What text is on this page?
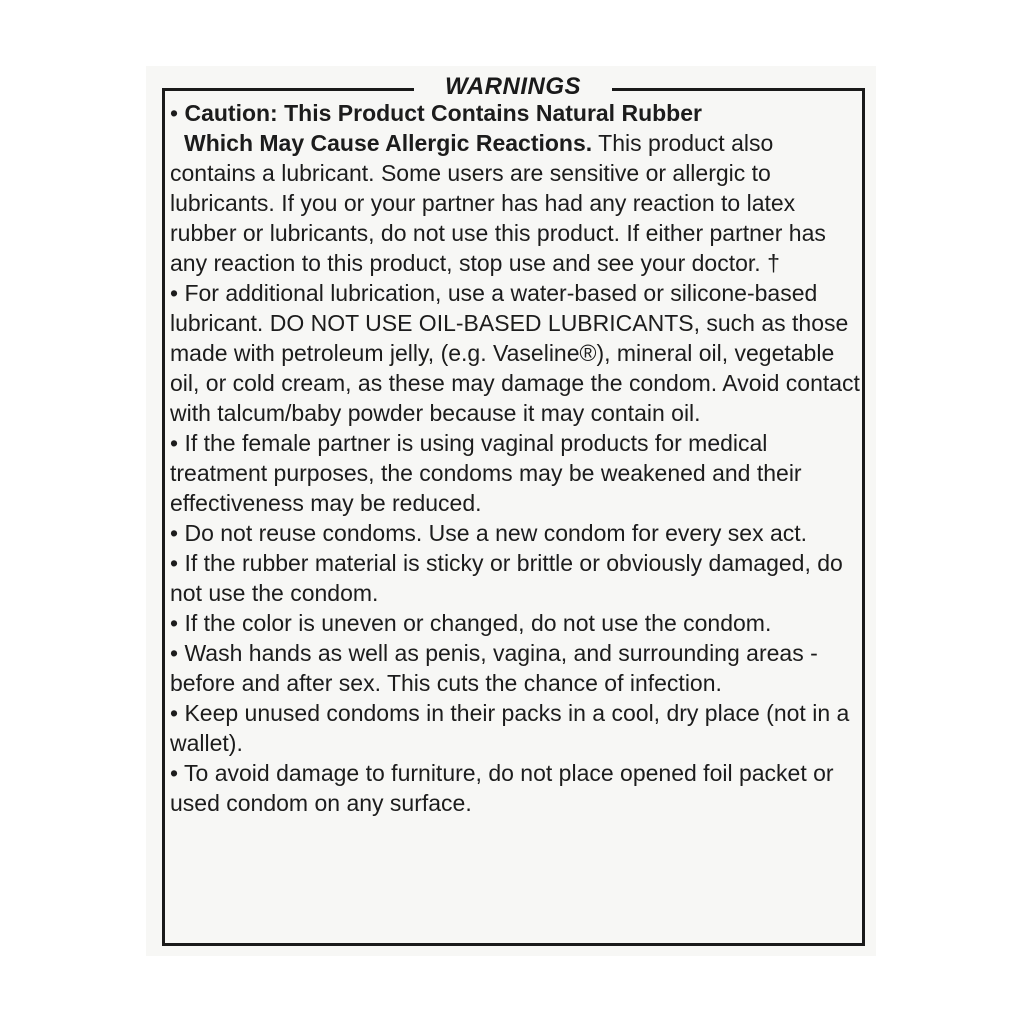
WARNINGS

• Caution: This Product Contains Natural Rubber
Which May Cause Allergic Reactions. This product also contains a lubricant. Some users are sensitive or allergic to lubricants. If you or your partner has had any reaction to latex rubber or lubricants, do not use this product. If either partner has any reaction to this product, stop use and see your doctor. †

• For additional lubrication, use a water-based or silicone-based lubricant. DO NOT USE OIL-BASED LUBRICANTS, such as those made with petroleum jelly, (e.g. Vaseline®), mineral oil, vegetable oil, or cold cream, as these may damage the condom. Avoid contact with talcum/baby powder because it may contain oil.

• If the female partner is using vaginal products for medical treatment purposes, the condoms may be weakened and their effectiveness may be reduced.

• Do not reuse condoms. Use a new condom for every sex act.

• If the rubber material is sticky or brittle or obviously damaged, do not use the condom.

• If the color is uneven or changed, do not use the condom.

• Wash hands as well as penis, vagina, and surrounding areas - before and after sex. This cuts the chance of infection.

• Keep unused condoms in their packs in a cool, dry place (not in a wallet).

• To avoid damage to furniture, do not place opened foil packet or used condom on any surface.
